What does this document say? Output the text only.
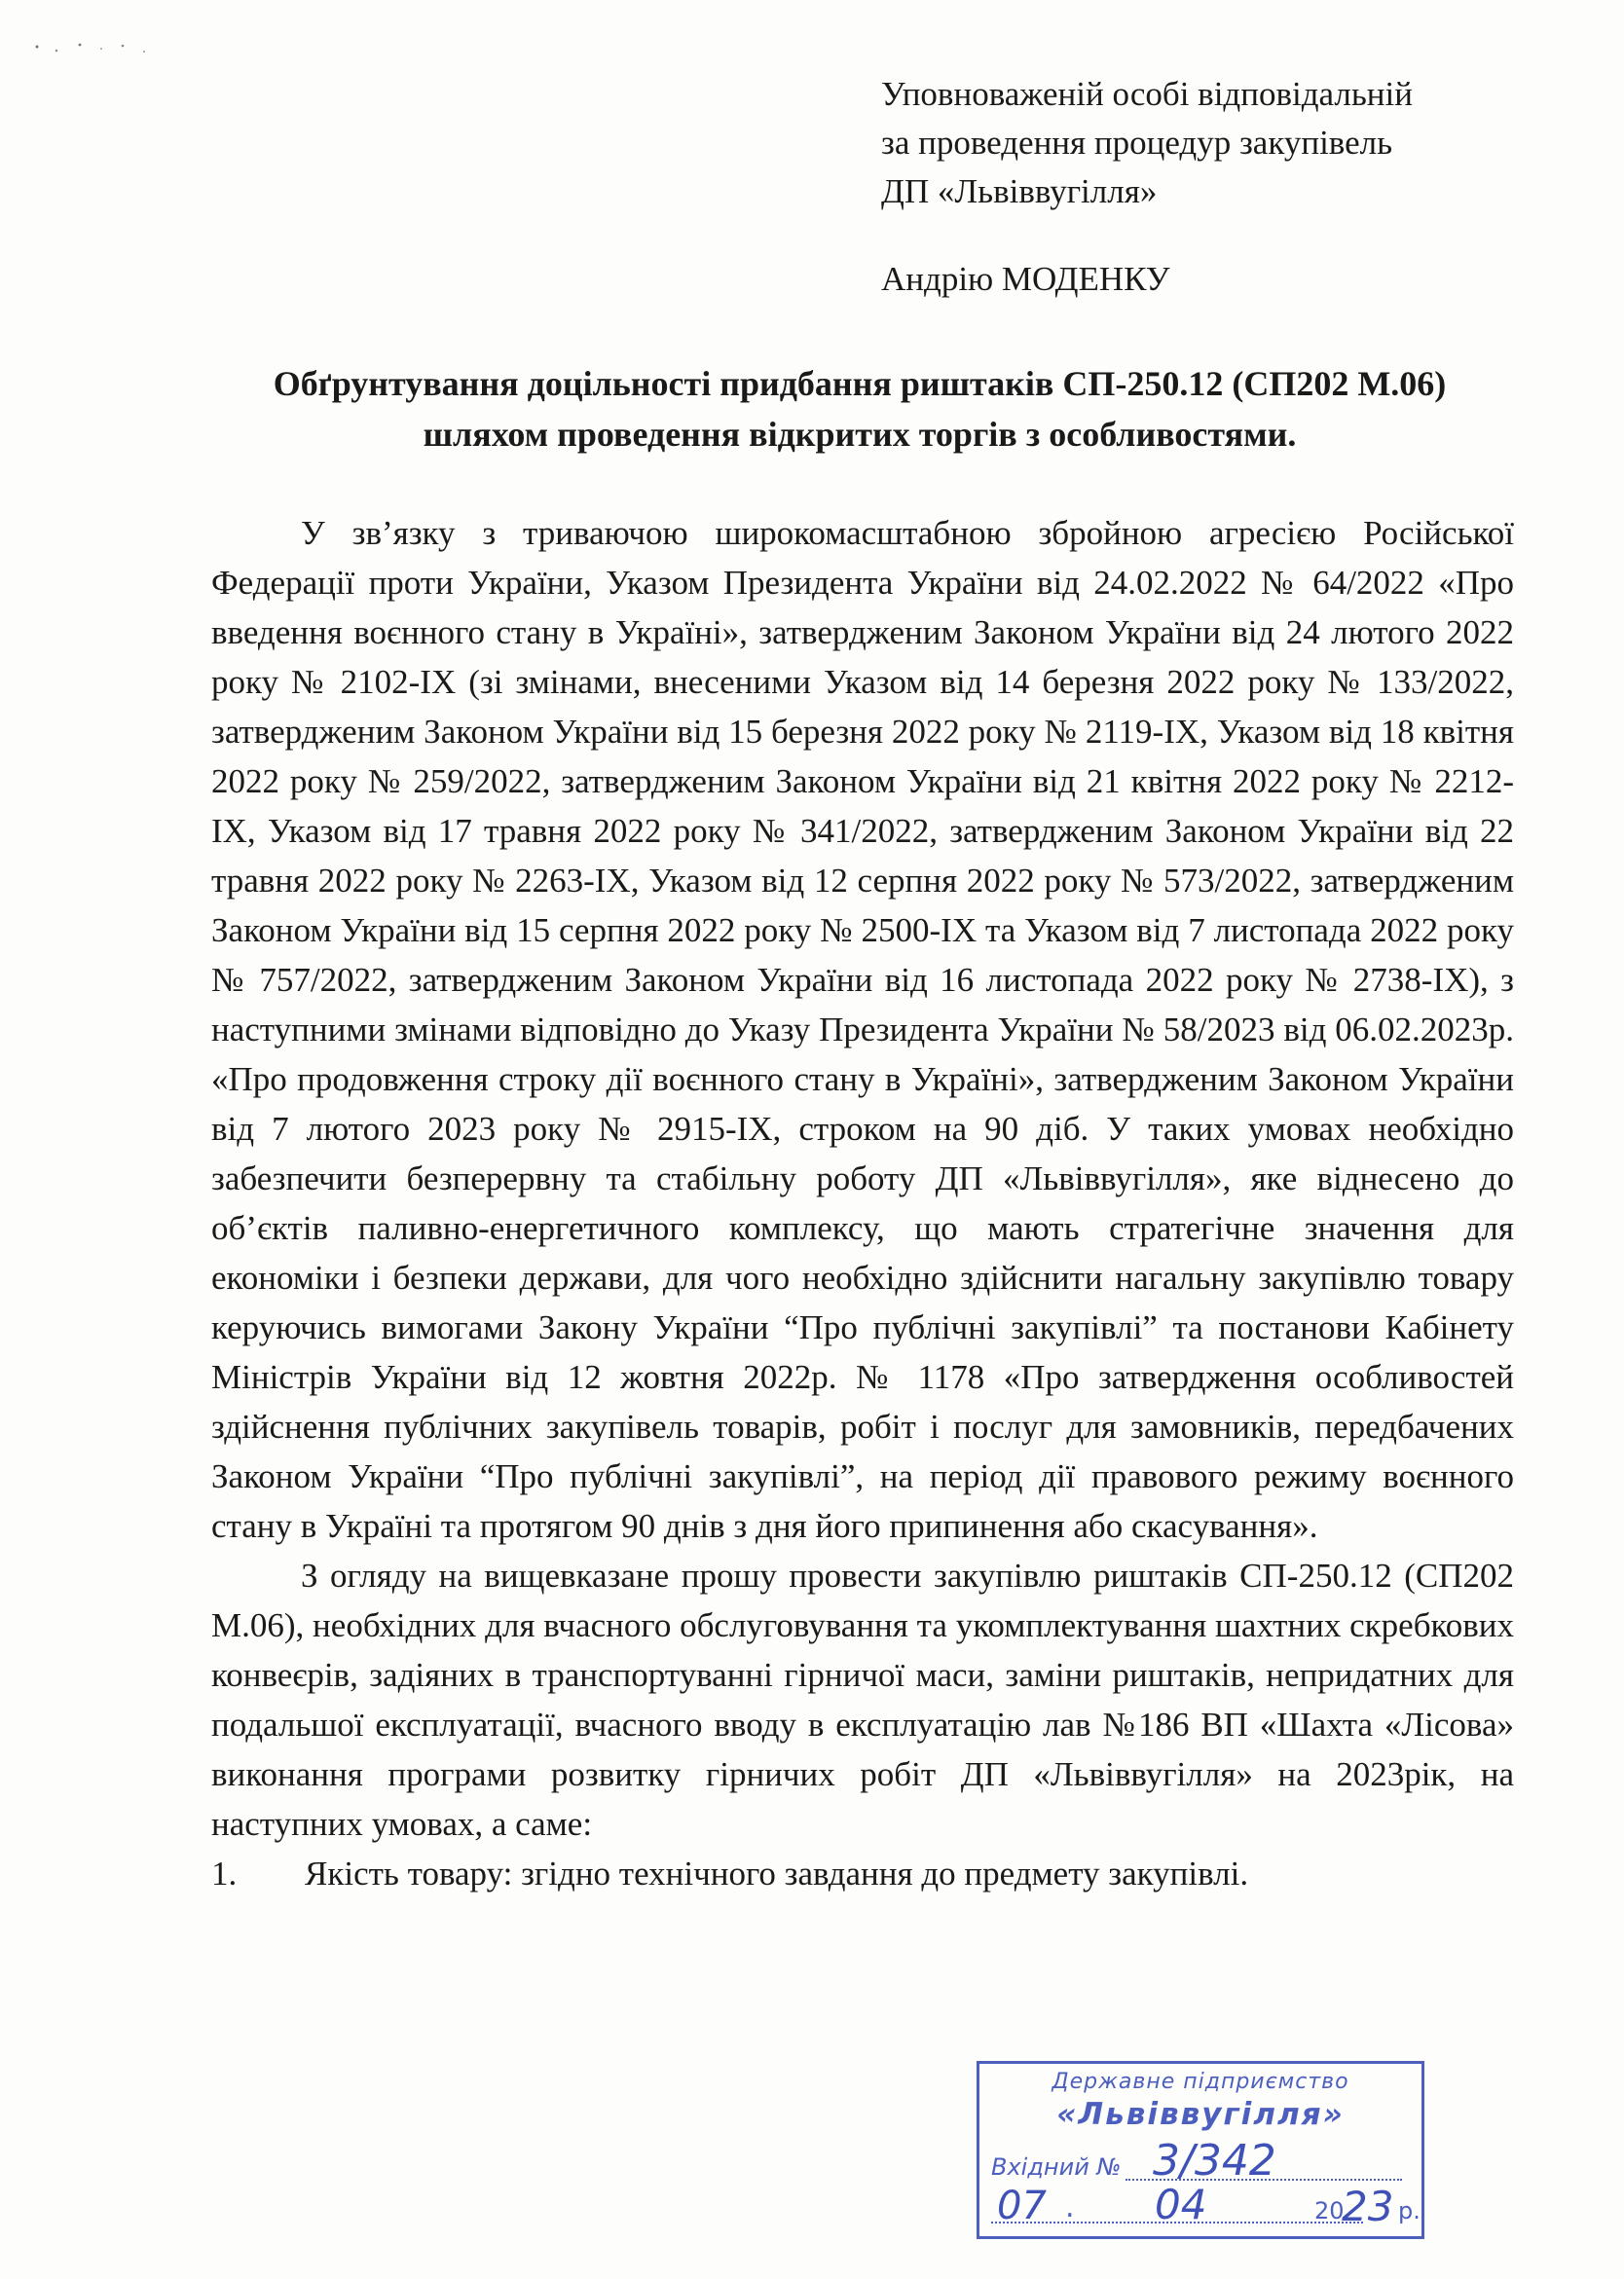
Уповноваженій особі відповідальній
за проведення процедур закупівель
ДП «Львіввугілля»
Андрію МОДЕНКУ
Обґрунтування доцільності придбання риштаків СП-250.12 (СП202 М.06)
шляхом проведення відкритих торгів з особливостями.

У зв’язку з триваючою широкомасштабною збройною агресією Російської Федерації проти України, Указом Президента України від 24.02.2022 № 64/2022 «Про введення воєнного стану в Україні», затвердженим Законом України від 24 лютого 2022 року № 2102-IX (зі змінами, внесеними Указом від 14 березня 2022 року № 133/2022, затвердженим Законом України від 15 березня 2022 року № 2119-IX, Указом від 18 квітня 2022 року № 259/2022, затвердженим Законом України від 21 квітня 2022 року № 2212-IX, Указом від 17 травня 2022 року № 341/2022, затвердженим Законом України від 22 травня 2022 року № 2263-IX, Указом від 12 серпня 2022 року № 573/2022, затвердженим Законом України від 15 серпня 2022 року № 2500-IX та Указом від 7 листопада 2022 року № 757/2022, затвердженим Законом України від 16 листопада 2022 року № 2738-IX), з наступними змінами відповідно до Указу Президента України № 58/2023 від 06.02.2023р. «Про продовження строку дії воєнного стану в Україні», затвердженим Законом України від 7 лютого 2023 року № 2915-IX, строком на 90 діб. У таких умовах необхідно забезпечити безперервну та стабільну роботу ДП «Львіввугілля», яке віднесено до об’єктів паливно-енергетичного комплексу, що мають стратегічне значення для економіки і безпеки держави, для чого необхідно здійснити нагальну закупівлю товару керуючись вимогами Закону України “Про публічні закупівлі” та постанови Кабінету Міністрів України від 12 жовтня 2022р. № 1178 «Про затвердження особливостей здійснення публічних закупівель товарів, робіт і послуг для замовників, передбачених Законом України “Про публічні закупівлі”, на період дії правового режиму воєнного стану в Україні та протягом 90 днів з дня його припинення або скасування».

З огляду на вищевказане прошу провести закупівлю риштаків СП-250.12 (СП202 М.06), необхідних для вчасного обслуговування та укомплектування шахтних скребкових конвеєрів, задіяних в транспортуванні гірничої маси, заміни риштаків, непридатних для подальшої експлуатації, вчасного вводу в експлуатацію лав №186 ВП «Шахта «Лісова» виконання програми розвитку гірничих робіт ДП «Львіввугілля» на 2023рік, на наступних умовах, а саме:

1.	Якість товару: згідно технічного завдання до предмету закупівлі.
Державне підприємство
«Львіввугілля»
Вхідний № 3/342
07 . 04	20
23 р.
